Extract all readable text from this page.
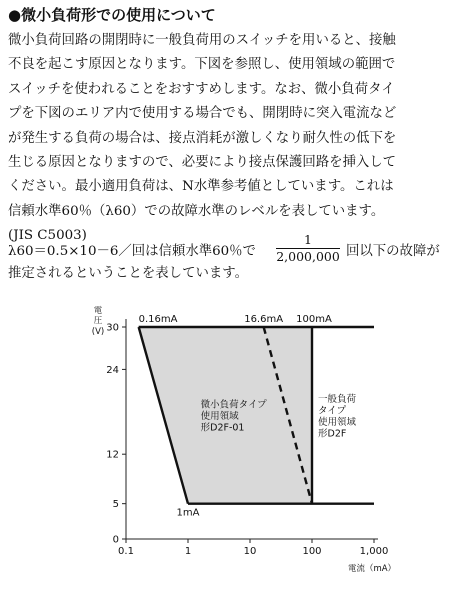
●微小負荷形での使用について

微小負荷回路の開閉時に一般負荷用のスイッチを用いると、接触

不良を起こす原因となります。下図を参照し、使用領域の範囲で

スイッチを使われることをおすすめします。なお、微小負荷タイ

プを下図のエリア内で使用する場合でも、開閉時に突入電流など

が発生する負荷の場合は、接点消耗が激しくなり耐久性の低下を

生じる原因となりますので、必要により接点保護回路を挿入して

ください。最小適用負荷は、N水準参考値としています。これは

信頼水準60％（λ60）での故障水準のレベルを表しています。

(JIS C5003)

λ60＝0.5×10－6／回は信頼水準60％で $\frac{1}{2,000,000}$ 回以下の故障が
推定されるということを表しています。
0.1	1	10	100	1,000
0
5
12
24
30
電
圧
(V)
電流（mA）
0.16mA	16.6mA 100mA
1mA
微小負荷タイプ
使用領域
形D2F-01
一般負荷
タイプ
使用領域
形D2F
